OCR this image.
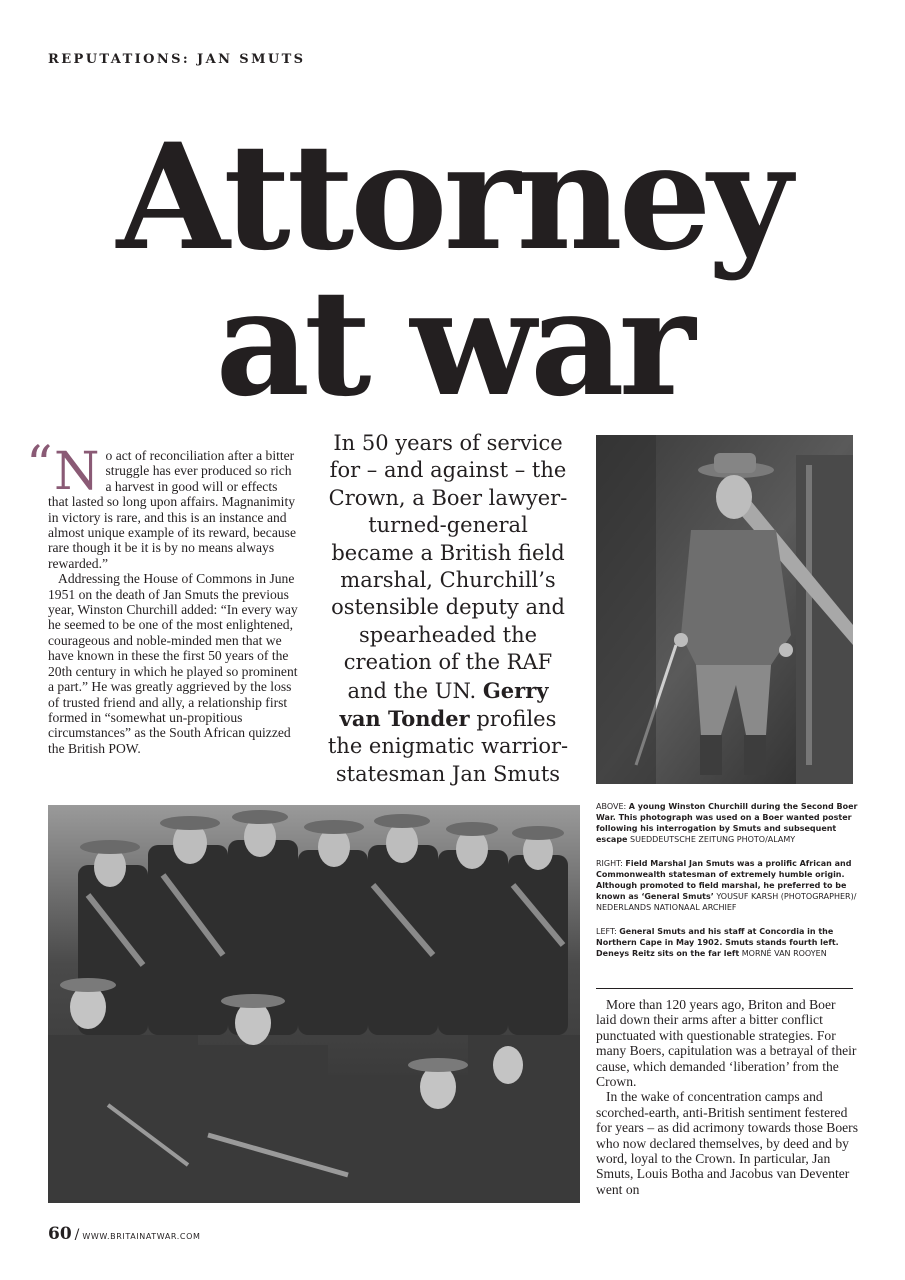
REPUTATIONS: JAN SMUTS
Attorney
at war
“ N o act of reconciliation after a bitter struggle has ever produced so rich a harvest in good will or effects that lasted so long upon affairs. Magnanimity in victory is rare, and this is an instance and almost unique example of its reward, because rare though it be it is by no means always rewarded.”

Addressing the House of Commons in June 1951 on the death of Jan Smuts the previous year, Winston Churchill added: “In every way he seemed to be one of the most enlightened, courageous and noble-minded men that we have known in these the first 50 years of the 20th century in which he played so prominent a part.” He was greatly aggrieved by the loss of trusted friend and ally, a relationship first formed in “somewhat un-propitious circumstances” as the South African quizzed the British POW.

In 50 years of service for – and against – the Crown, a Boer lawyer-turned-general became a British field marshal, Churchill’s ostensible deputy and spearheaded the creation of the RAF and the UN. Gerry van Tonder profiles the enigmatic warrior-statesman Jan Smuts

ABOVE: A young Winston Churchill during the Second Boer War. This photograph was used on a Boer wanted poster following his interrogation by Smuts and subsequent escape SUEDDEUTSCHE ZEITUNG PHOTO/ALAMY

RIGHT: Field Marshal Jan Smuts was a prolific African and Commonwealth statesman of extremely humble origin. Although promoted to field marshal, he preferred to be known as ‘General Smuts’ YOUSUF KARSH (PHOTOGRAPHER)/ NEDERLANDS NATIONAAL ARCHIEF

LEFT: General Smuts and his staff at Concordia in the Northern Cape in May 1902. Smuts stands fourth left. Deneys Reitz sits on the far left MORNÉ VAN ROOYEN

More than 120 years ago, Briton and Boer laid down their arms after a bitter conflict punctuated with questionable strategies. For many Boers, capitulation was a betrayal of their cause, which demanded ‘liberation’ from the Crown.

In the wake of concentration camps and scorched-earth, anti-British sentiment festered for years – as did acrimony towards those Boers who now declared themselves, by deed and by word, loyal to the Crown. In particular, Jan Smuts, Louis Botha and Jacobus van Deventer went on

60 / WWW.BRITAINATWAR.COM
